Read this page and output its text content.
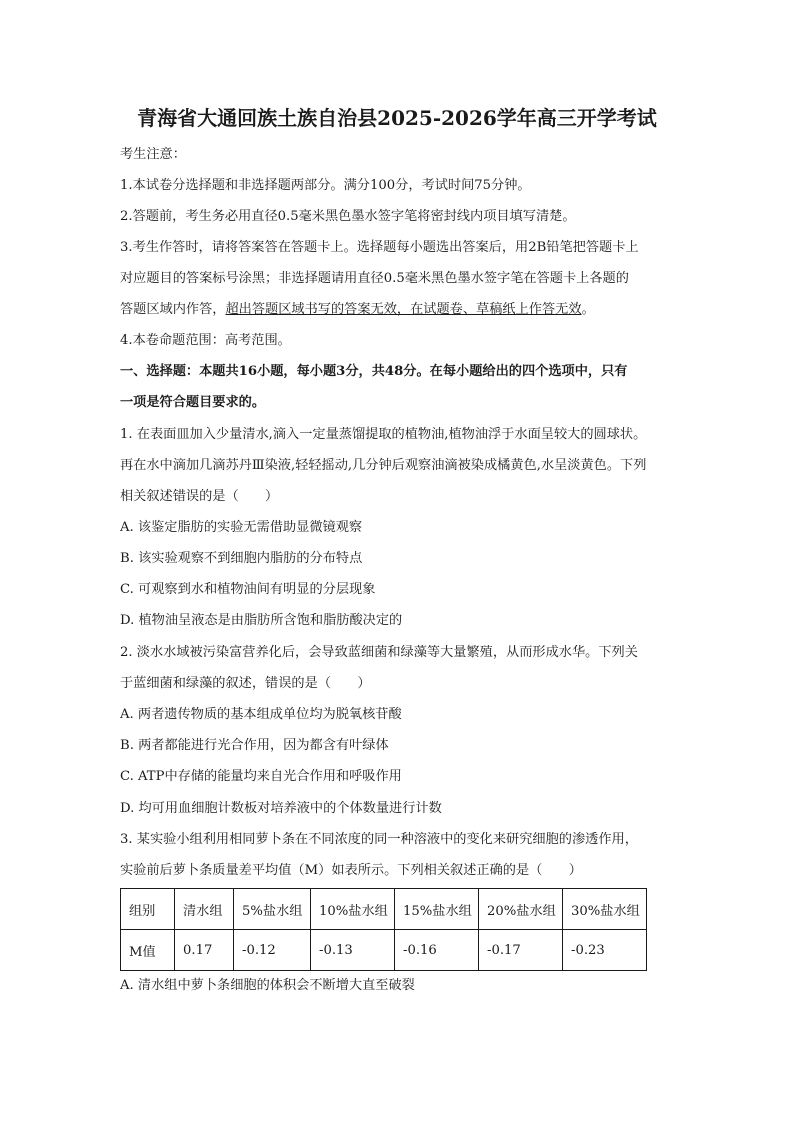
青海省大通回族土族自治县2025-2026学年高三开学考试
考生注意：
1.本试卷分选择题和非选择题两部分。满分100分，考试时间75分钟。
2.答题前，考生务必用直径0.5毫米黑色墨水签字笔将密封线内项目填写清楚。
3.考生作答时，请将答案答在答题卡上。选择题每小题选出答案后，用2B铅笔把答题卡上
对应题目的答案标号涂黑；非选择题请用直径0.5毫米黑色墨水签字笔在答题卡上各题的
答题区域内作答，超出答题区域书写的答案无效，在试题卷、草稿纸上作答无效。
4.本卷命题范围：高考范围。
一、选择题：本题共16小题，每小题3分，共48分。在每小题给出的四个选项中，只有
一项是符合题目要求的。
1. 在表面皿加入少量清水,滴入一定量蒸馏提取的植物油,植物油浮于水面呈较大的圆球状。
再在水中滴加几滴苏丹Ⅲ染液,轻轻摇动,几分钟后观察油滴被染成橘黄色,水呈淡黄色。下列
相关叙述错误的是（　　）
A. 该鉴定脂肪的实验无需借助显微镜观察
B. 该实验观察不到细胞内脂肪的分布特点
C. 可观察到水和植物油间有明显的分层现象
D. 植物油呈液态是由脂肪所含饱和脂肪酸决定的
2. 淡水水域被污染富营养化后，会导致蓝细菌和绿藻等大量繁殖，从而形成水华。下列关
于蓝细菌和绿藻的叙述，错误的是（　　）
A. 两者遗传物质的基本组成单位均为脱氧核苷酸
B. 两者都能进行光合作用，因为都含有叶绿体
C. ATP中存储的能量均来自光合作用和呼吸作用
D. 均可用血细胞计数板对培养液中的个体数量进行计数
3. 某实验小组利用相同萝卜条在不同浓度的同一种溶液中的变化来研究细胞的渗透作用，
实验前后萝卜条质量差平均值（M）如表所示。下列相关叙述正确的是（　　）
组别	清水组	5%盐水组	10%盐水组	15%盐水组	20%盐水组	30%盐水组
M值	0.17	-0.12	-0.13	-0.16	-0.17	-0.23
A. 清水组中萝卜条细胞的体积会不断增大直至破裂
